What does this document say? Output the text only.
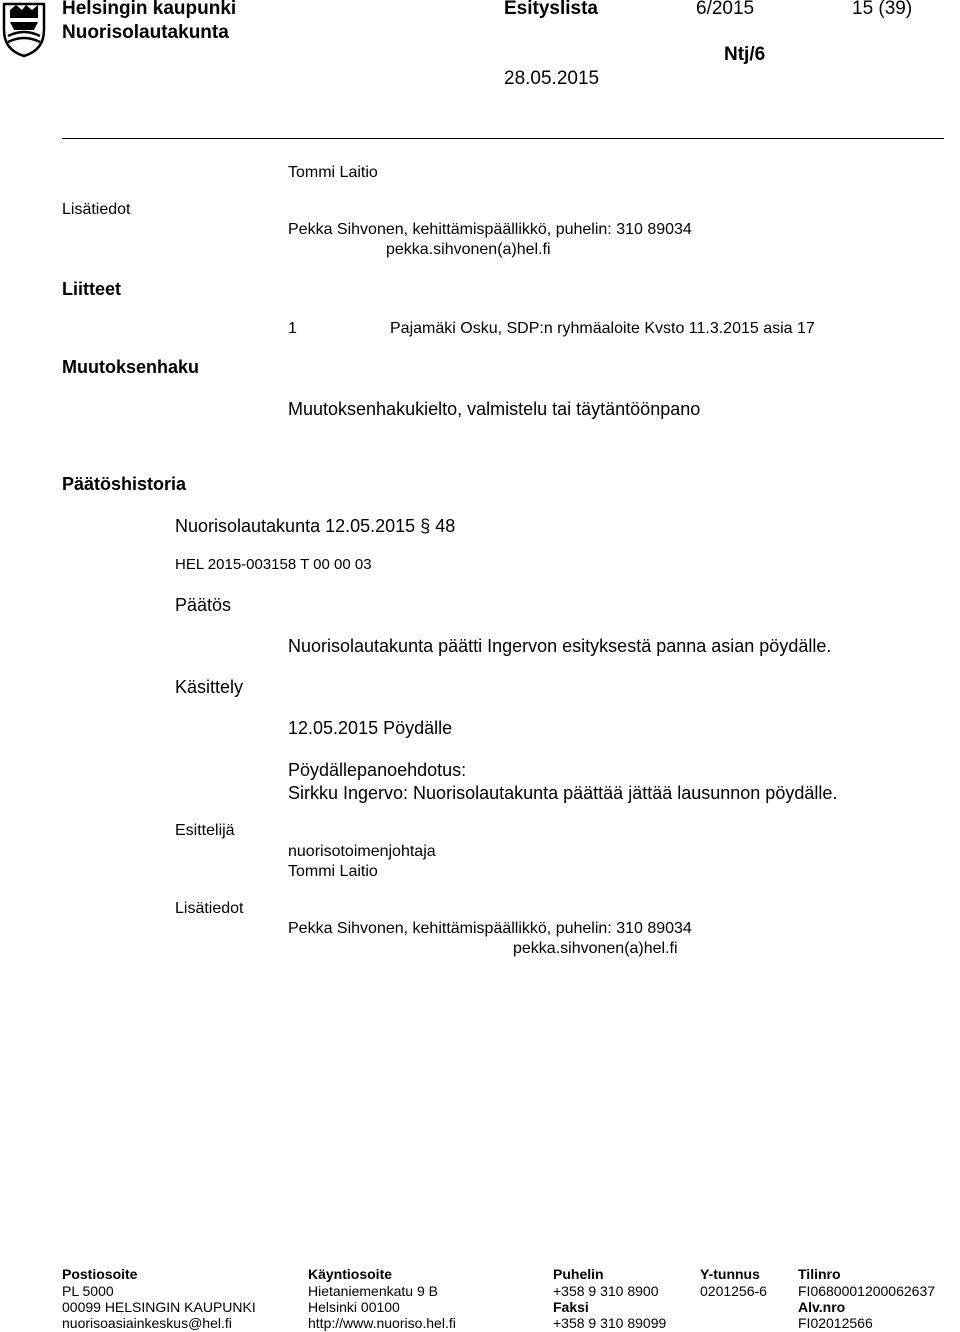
Helsingin kaupunki
Nuorisolautakunta
Esityslista	6/2015	15 (39)
Ntj/6
28.05.2015
Tommi Laitio
Lisätiedot
Pekka Sihvonen, kehittämispäällikkö, puhelin: 310 89034
pekka.sihvonen(a)hel.fi
Liitteet
1	Pajamäki Osku, SDP:n ryhmäaloite Kvsto 11.3.2015 asia 17
Muutoksenhaku
Muutoksenhakukielto, valmistelu tai täytäntöönpano
Päätöshistoria
Nuorisolautakunta 12.05.2015 § 48
HEL 2015-003158 T 00 00 03
Päätös
Nuorisolautakunta päätti Ingervon esityksestä panna asian pöydälle.
Käsittely
12.05.2015 Pöydälle
Pöydällepanoehdotus:
Sirkku Ingervo: Nuorisolautakunta päättää jättää lausunnon pöydälle.
Esittelijä
nuorisotoimenjohtaja
Tommi Laitio
Lisätiedot
Pekka Sihvonen, kehittämispäällikkö, puhelin: 310 89034
pekka.sihvonen(a)hel.fi
Postiosoite
PL 5000
00099 HELSINGIN KAUPUNKI
nuorisoasiainkeskus@hel.fi
Käyntiosoite
Hietaniemenkatu 9 B
Helsinki 00100
http://www.nuoriso.hel.fi
Puhelin
+358 9 310 8900
Faksi
+358 9 310 89099
Y-tunnus
0201256-6
Tilinro
FI0680001200062637
Alv.nro
FI02012566
